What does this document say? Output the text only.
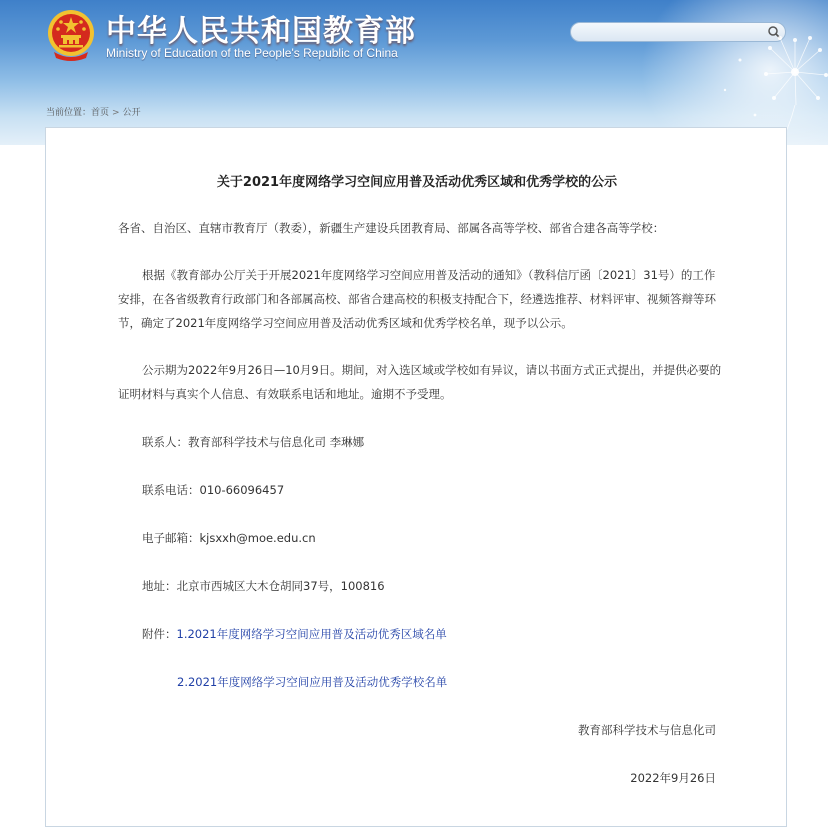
中华人民共和国教育部
Ministry of Education of the People's Republic of China
当前位置：首页 > 公开
关于2021年度网络学习空间应用普及活动优秀区域和优秀学校的公示
各省、自治区、直辖市教育厅（教委），新疆生产建设兵团教育局、部属各高等学校、部省合建各高等学校：
根据《教育部办公厅关于开展2021年度网络学习空间应用普及活动的通知》（教科信厅函〔2021〕31号）的工作安排，在各省级教育行政部门和各部属高校、部省合建高校的积极支持配合下，经遴选推荐、材料评审、视频答辩等环节，确定了2021年度网络学习空间应用普及活动优秀区域和优秀学校名单，现予以公示。
公示期为2022年9月26日—10月9日。期间，对入选区域或学校如有异议，请以书面方式正式提出，并提供必要的证明材料与真实个人信息、有效联系电话和地址。逾期不予受理。
联系人：教育部科学技术与信息化司 李琳娜
联系电话：010-66096457
电子邮箱：kjsxxh@moe.edu.cn
地址：北京市西城区大木仓胡同37号，100816
附件：1.2021年度网络学习空间应用普及活动优秀区域名单
2.2021年度网络学习空间应用普及活动优秀学校名单
教育部科学技术与信息化司
2022年9月26日
